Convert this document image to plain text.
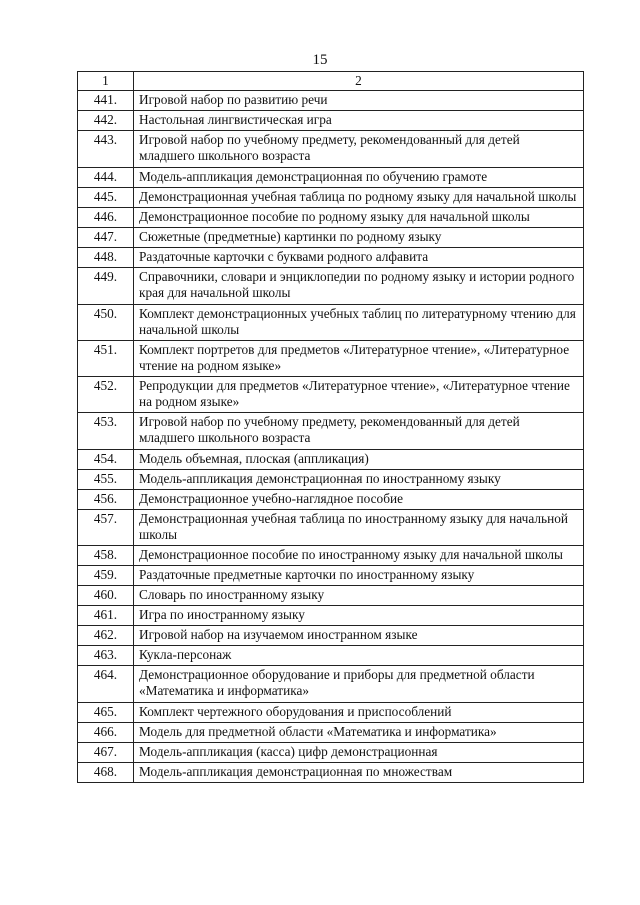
15
1	2
441.	Игровой набор по развитию речи
442.	Настольная лингвистическая игра
443.	Игровой набор по учебному предмету, рекомендованный для детей младшего школьного возраста
444.	Модель-аппликация демонстрационная по обучению грамоте
445.	Демонстрационная учебная таблица по родному языку для начальной школы
446.	Демонстрационное пособие по родному языку для начальной школы
447.	Сюжетные (предметные) картинки по родному языку
448.	Раздаточные карточки с буквами родного алфавита
449.	Справочники, словари и энциклопедии по родному языку и истории родного края для начальной школы
450.	Комплект демонстрационных учебных таблиц по литературному чтению для начальной школы
451.	Комплект портретов для предметов «Литературное чтение», «Литературное чтение на родном языке»
452.	Репродукции для предметов «Литературное чтение», «Литературное чтение на родном языке»
453.	Игровой набор по учебному предмету, рекомендованный для детей младшего школьного возраста
454.	Модель объемная, плоская (аппликация)
455.	Модель-аппликация демонстрационная по иностранному языку
456.	Демонстрационное учебно-наглядное пособие
457.	Демонстрационная учебная таблица по иностранному языку для начальной школы
458.	Демонстрационное пособие по иностранному языку для начальной школы
459.	Раздаточные предметные карточки по иностранному языку
460.	Словарь по иностранному языку
461.	Игра по иностранному языку
462.	Игровой набор на изучаемом иностранном языке
463.	Кукла-персонаж
464.	Демонстрационное оборудование и приборы для предметной области «Математика и информатика»
465.	Комплект чертежного оборудования и приспособлений
466.	Модель для предметной области «Математика и информатика»
467.	Модель-аппликация (касса) цифр демонстрационная
468.	Модель-аппликация демонстрационная по множествам
